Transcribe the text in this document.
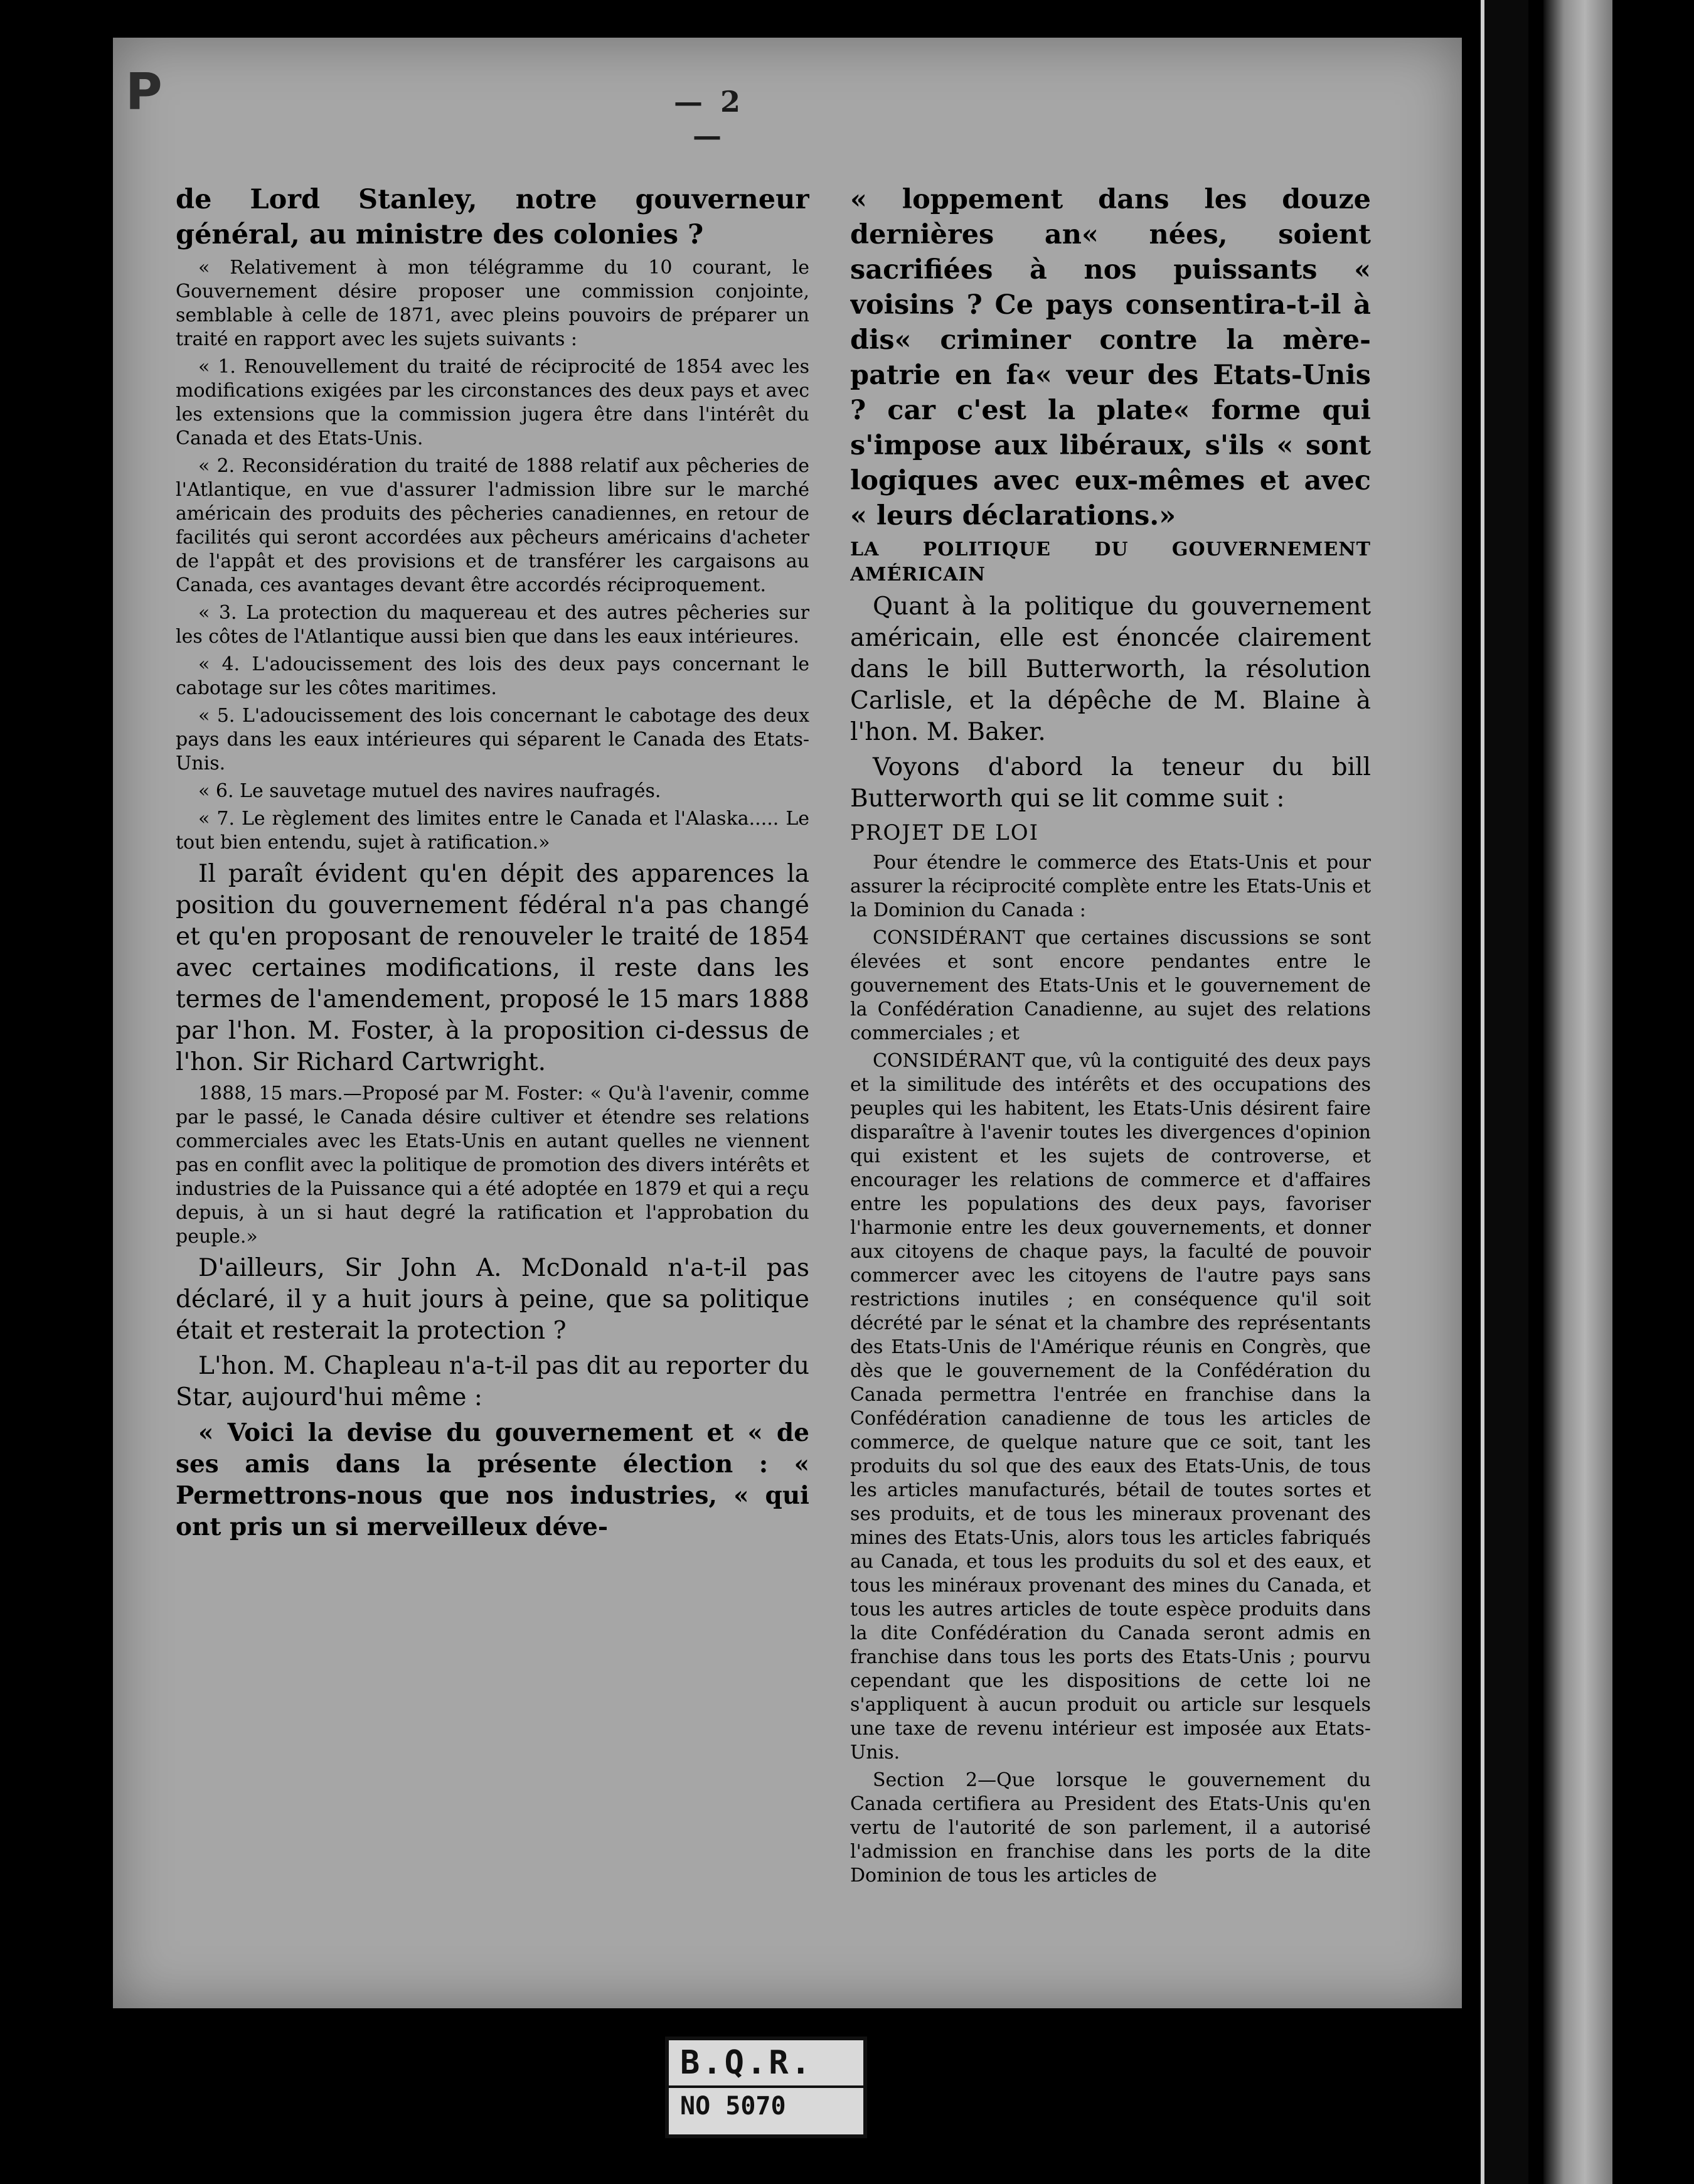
P	— 2 —

de Lord Stanley, notre gouverneur général, au ministre des colonies ?

« Relativement à mon télégramme du 10 courant, le Gouvernement désire proposer une commission conjointe, semblable à celle de 1871, avec pleins pouvoirs de préparer un traité en rapport avec les sujets suivants :

« 1. Renouvellement du traité de réciprocité de 1854 avec les modifications exigées par les circonstances des deux pays et avec les extensions que la commission jugera être dans l'intérêt du Canada et des Etats-Unis.

« 2. Reconsidération du traité de 1888 relatif aux pêcheries de l'Atlantique, en vue d'assurer l'admission libre sur le marché américain des produits des pêcheries canadiennes, en retour de facilités qui seront accordées aux pêcheurs américains d'acheter de l'appât et des provisions et de transférer les cargaisons au Canada, ces avantages devant être accordés réciproquement.

« 3. La protection du maquereau et des autres pêcheries sur les côtes de l'Atlantique aussi bien que dans les eaux intérieures.

« 4. L'adoucissement des lois des deux pays concernant le cabotage sur les côtes maritimes.

« 5. L'adoucissement des lois concernant le cabotage des deux pays dans les eaux intérieures qui séparent le Canada des Etats-Unis.

« 6. Le sauvetage mutuel des navires naufragés.

« 7. Le règlement des limites entre le Canada et l'Alaska..... Le tout bien entendu, sujet à ratification.»

Il paraît évident qu'en dépit des apparences la position du gouvernement fédéral n'a pas changé et qu'en proposant de renouveler le traité de 1854 avec certaines modifications, il reste dans les termes de l'amendement, proposé le 15 mars 1888 par l'hon. M. Foster, à la proposition ci-dessus de l'hon. Sir Richard Cartwright.

1888, 15 mars.—Proposé par M. Foster: « Qu'à l'avenir, comme par le passé, le Canada désire cultiver et étendre ses relations commerciales avec les Etats-Unis en autant quelles ne viennent pas en conflit avec la politique de promotion des divers intérêts et industries de la Puissance qui a été adoptée en 1879 et qui a reçu depuis, à un si haut degré la ratification et l'approbation du peuple.»

D'ailleurs, Sir John A. McDonald n'a-t-il pas déclaré, il y a huit jours à peine, que sa politique était et resterait la protection ?

L'hon. M. Chapleau n'a-t-il pas dit au reporter du Star, aujourd'hui même :

« Voici la devise du gouvernement et « de ses amis dans la présente élection : « Permettrons-nous que nos industries, « qui ont pris un si merveilleux déve-

« loppement dans les douze dernières an« nées, soient sacrifiées à nos puissants « voisins ? Ce pays consentira-t-il à dis« criminer contre la mère-patrie en fa« veur des Etats-Unis ? car c'est la plate« forme qui s'impose aux libéraux, s'ils « sont logiques avec eux-mêmes et avec « leurs déclarations.»

LA POLITIQUE DU GOUVERNEMENT AMÉRICAIN

Quant à la politique du gouvernement américain, elle est énoncée clairement dans le bill Butterworth, la résolution Carlisle, et la dépêche de M. Blaine à l'hon. M. Baker.

Voyons d'abord la teneur du bill Butterworth qui se lit comme suit :

PROJET DE LOI

Pour étendre le commerce des Etats-Unis et pour assurer la réciprocité complète entre les Etats-Unis et la Dominion du Canada :

CONSIDÉRANT que certaines discussions se sont élevées et sont encore pendantes entre le gouvernement des Etats-Unis et le gouvernement de la Confédération Canadienne, au sujet des relations commerciales ; et

CONSIDÉRANT que, vû la contiguité des deux pays et la similitude des intérêts et des occupations des peuples qui les habitent, les Etats-Unis désirent faire disparaître à l'avenir toutes les divergences d'opinion qui existent et les sujets de controverse, et encourager les relations de commerce et d'affaires entre les populations des deux pays, favoriser l'harmonie entre les deux gouvernements, et donner aux citoyens de chaque pays, la faculté de pouvoir commercer avec les citoyens de l'autre pays sans restrictions inutiles ; en conséquence qu'il soit décrété par le sénat et la chambre des représentants des Etats-Unis de l'Amérique réunis en Congrès, que dès que le gouvernement de la Confédération du Canada permettra l'entrée en franchise dans la Confédération canadienne de tous les articles de commerce, de quelque nature que ce soit, tant les produits du sol que des eaux des Etats-Unis, de tous les articles manufacturés, bétail de toutes sortes et ses produits, et de tous les mineraux provenant des mines des Etats-Unis, alors tous les articles fabriqués au Canada, et tous les produits du sol et des eaux, et tous les minéraux provenant des mines du Canada, et tous les autres articles de toute espèce produits dans la dite Confédération du Canada seront admis en franchise dans tous les ports des Etats-Unis ; pourvu cependant que les dispositions de cette loi ne s'appliquent à aucun produit ou article sur lesquels une taxe de revenu intérieur est imposée aux Etats-Unis.

Section 2—Que lorsque le gouvernement du Canada certifiera au President des Etats-Unis qu'en vertu de l'autorité de son parlement, il a autorisé l'admission en franchise dans les ports de la dite Dominion de tous les articles de

B.Q.R.
NO 5070
